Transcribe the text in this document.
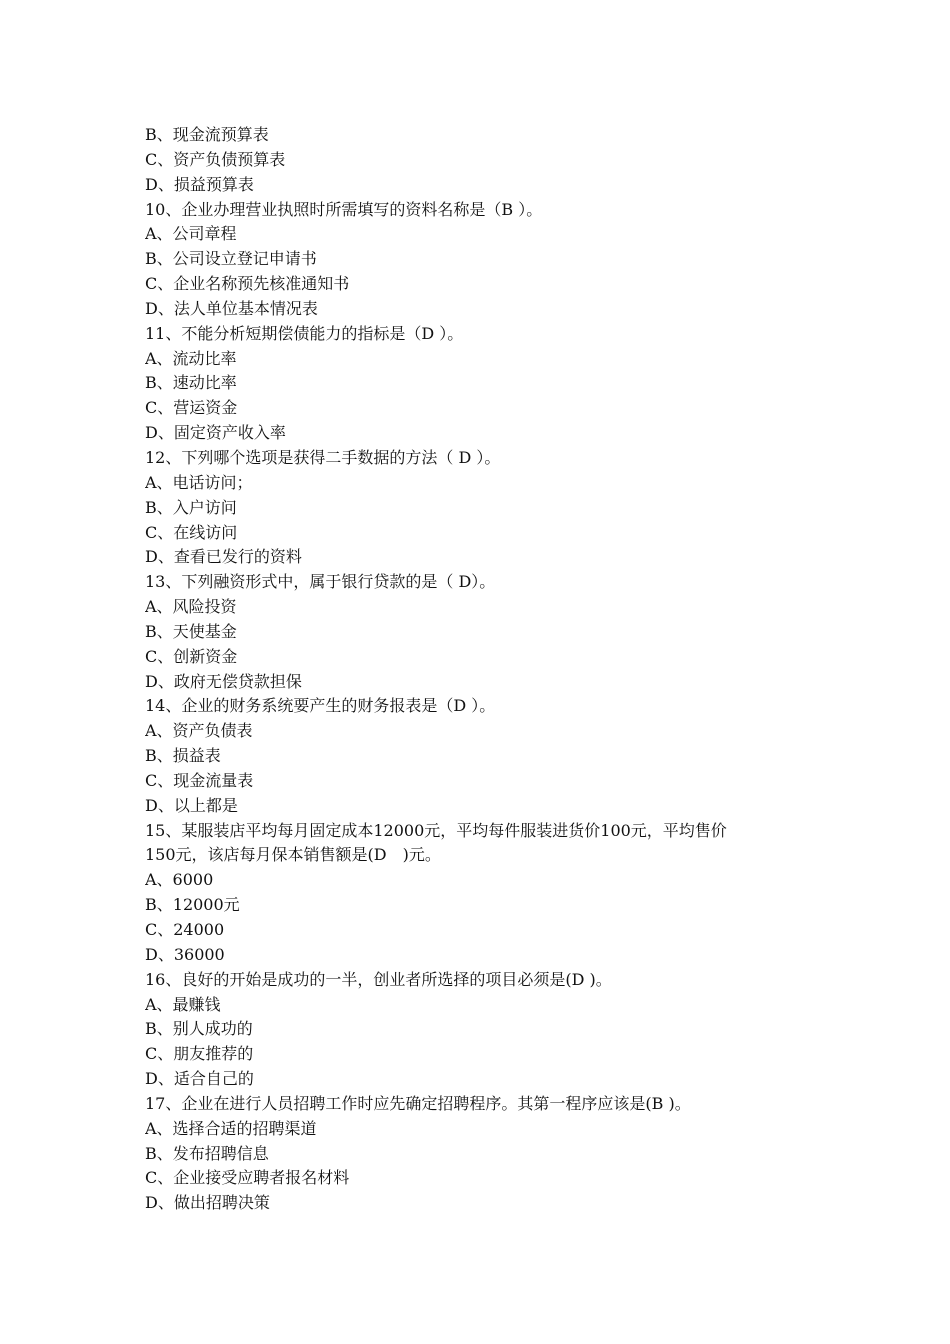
B、现金流预算表
C、资产负债预算表
D、损益预算表
10、企业办理营业执照时所需填写的资料名称是（B ）。
A、公司章程
B、公司设立登记申请书
C、企业名称预先核准通知书
D、法人单位基本情况表
11、不能分析短期偿债能力的指标是（D ）。
A、流动比率
B、速动比率
C、营运资金
D、固定资产收入率
12、下列哪个选项是获得二手数据的方法（ D ）。
A、电话访问；
B、入户访问
C、在线访问
D、查看已发行的资料
13、下列融资形式中，属于银行贷款的是（ D）。
A、风险投资
B、天使基金
C、创新资金
D、政府无偿贷款担保
14、企业的财务系统要产生的财务报表是（D ）。
A、资产负债表
B、损益表
C、现金流量表
D、以上都是
15、某服装店平均每月固定成本12000元，平均每件服装进货价100元，平均售价
150元，该店每月保本销售额是(D　)元。
A、6000
B、12000元
C、24000
D、36000
16、良好的开始是成功的一半，创业者所选择的项目必须是(D )。
A、最赚钱
B、别人成功的
C、朋友推荐的
D、适合自己的
17、企业在进行人员招聘工作时应先确定招聘程序。其第一程序应该是(B )。
A、选择合适的招聘渠道
B、发布招聘信息
C、企业接受应聘者报名材料
D、做出招聘决策
